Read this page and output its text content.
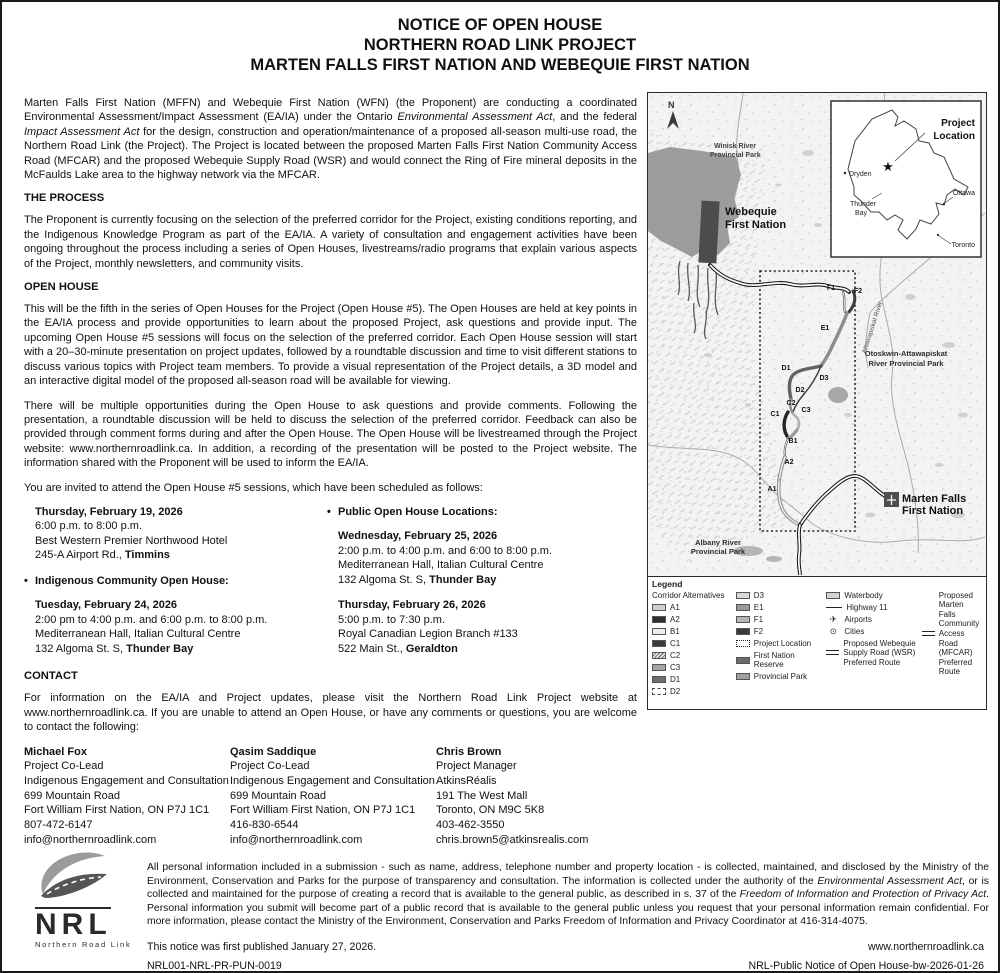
NOTICE OF OPEN HOUSE
NORTHERN ROAD LINK PROJECT
MARTEN FALLS FIRST NATION AND WEBEQUIE FIRST NATION

Marten Falls First Nation (MFFN) and Webequie First Nation (WFN) (the Proponent) are conducting a coordinated Environmental Assessment/Impact Assessment (EA/IA) under the Ontario Environmental Assessment Act, and the federal Impact Assessment Act for the design, construction and operation/maintenance of a proposed all-season multi-use road, the Northern Road Link (the Project). The Project is located between the proposed Marten Falls First Nation Community Access Road (MFCAR) and the proposed Webequie Supply Road (WSR) and would connect the Ring of Fire mineral deposits in the McFaulds Lake area to the highway network via the MFCAR.

THE PROCESS

The Proponent is currently focusing on the selection of the preferred corridor for the Project, existing conditions reporting, and the Indigenous Knowledge Program as part of the EA/IA. A variety of consultation and engagement activities have been ongoing throughout the process including a series of Open Houses, livestreams/radio programs that explain various aspects of the Project, monthly newsletters, and community visits.

OPEN HOUSE

This will be the fifth in the series of Open Houses for the Project (Open House #5). The Open Houses are held at key points in the EA/IA process and provide opportunities to learn about the proposed Project, ask questions and provide input. The upcoming Open House #5 sessions will focus on the selection of the preferred corridor. Each Open House session will start with a 20–30-minute presentation on project updates, followed by a roundtable discussion and time to visit different stations to discuss various topics with Project team members. To provide a visual representation of the Project details, a 3D model and an interactive digital model of the proposed all-season road will be available for viewing.

There will be multiple opportunities during the Open House to ask questions and provide comments. Following the presentation, a roundtable discussion will be held to discuss the selection of the preferred corridor. Feedback can also be provided through comment forms during and after the Open House. The Open House will be livestreamed through the Project website: www.northernroadlink.ca. In addition, a recording of the presentation will be posted to the Project website. The information shared with the Proponent will be used to inform the EA/IA.

You are invited to attend the Open House #5 sessions, which have been scheduled as follows:

Thursday, February 19, 2026
6:00 p.m. to 8:00 p.m.
Best Western Premier Northwood Hotel
245-A Airport Rd., Timmins
• Indigenous Community Open House:
Tuesday, February 24, 2026
2:00 pm to 4:00 p.m. and 6:00 p.m. to 8:00 p.m.
Mediterranean Hall, Italian Cultural Centre
132 Algoma St. S, Thunder Bay
• Public Open House Locations:
Wednesday, February 25, 2026
2:00 p.m. to 4:00 p.m. and 6:00 to 8:00 p.m.
Mediterranean Hall, Italian Cultural Centre
132 Algoma St. S, Thunder Bay
Thursday, February 26, 2026
5:00 p.m. to 7:30 p.m.
Royal Canadian Legion Branch #133
522 Main St., Geraldton
CONTACT

For information on the EA/IA and Project updates, please visit the Northern Road Link Project website at www.northernroadlink.ca. If you are unable to attend an Open House, or have any comments or questions, you are welcome to contact the following:

Michael Fox
Project Co-Lead
Indigenous Engagement and Consultation
699 Mountain Road
Fort William First Nation, ON P7J 1C1
807-472-6147
info@northernroadlink.com
Qasim Saddique
Project Co-Lead
Indigenous Engagement and Consultation
699 Mountain Road
Fort William First Nation, ON P7J 1C1
416-830-6544
info@northernroadlink.com
Chris Brown
Project Manager
AtkinsRéalis
191 The West Mall
Toronto, ON M9C 5K8
403-462-3550
chris.brown5@atkinsrealis.com
N
Winisk River
Provincial Park
Webequie
First Nation
Otoskwin-Attawapiskat
River Provincial Park
Attawapiskat River
Marten Falls
First Nation
Albany River
Provincial Park
F1	F2
E1
D1
D3
D2
C2
C1
C3
B1
A2
A1
★
Project
Location
Dryden
Thunder
Bay
Ottawa
Toronto
Legend
Corridor Alternatives
A1
A2
B1
C1
C2
C3
D1
D2
D3
E1
F1
F2
Project Location
First Nation Reserve
Provincial Park
Waterbody
Highway 11
✈ Airports
⊙ Cities
Proposed Webequie Supply Road (WSR) Preferred Route
Proposed Marten Falls Community Access Road (MFCAR) Preferred Route
NRL
Northern Road Link

All personal information included in a submission - such as name, address, telephone number and property location - is collected, maintained, and disclosed by the Ministry of the Environment, Conservation and Parks for the purpose of transparency and consultation. The information is collected under the authority of the Environmental Assessment Act, or is collected and maintained for the purpose of creating a record that is available to the general public, as described in s. 37 of the Freedom of Information and Protection of Privacy Act. Personal information you submit will become part of a public record that is available to the general public unless you request that your personal information remain confidential. For more information, please contact the Ministry of the Environment, Conservation and Parks Freedom of Information and Privacy Coordinator at 416-314-4075.

This notice was first published January 27, 2026.	www.northernroadlink.ca
NRL001-NRL-PR-PUN-0019	NRL-Public Notice of Open House-bw-2026-01-26
